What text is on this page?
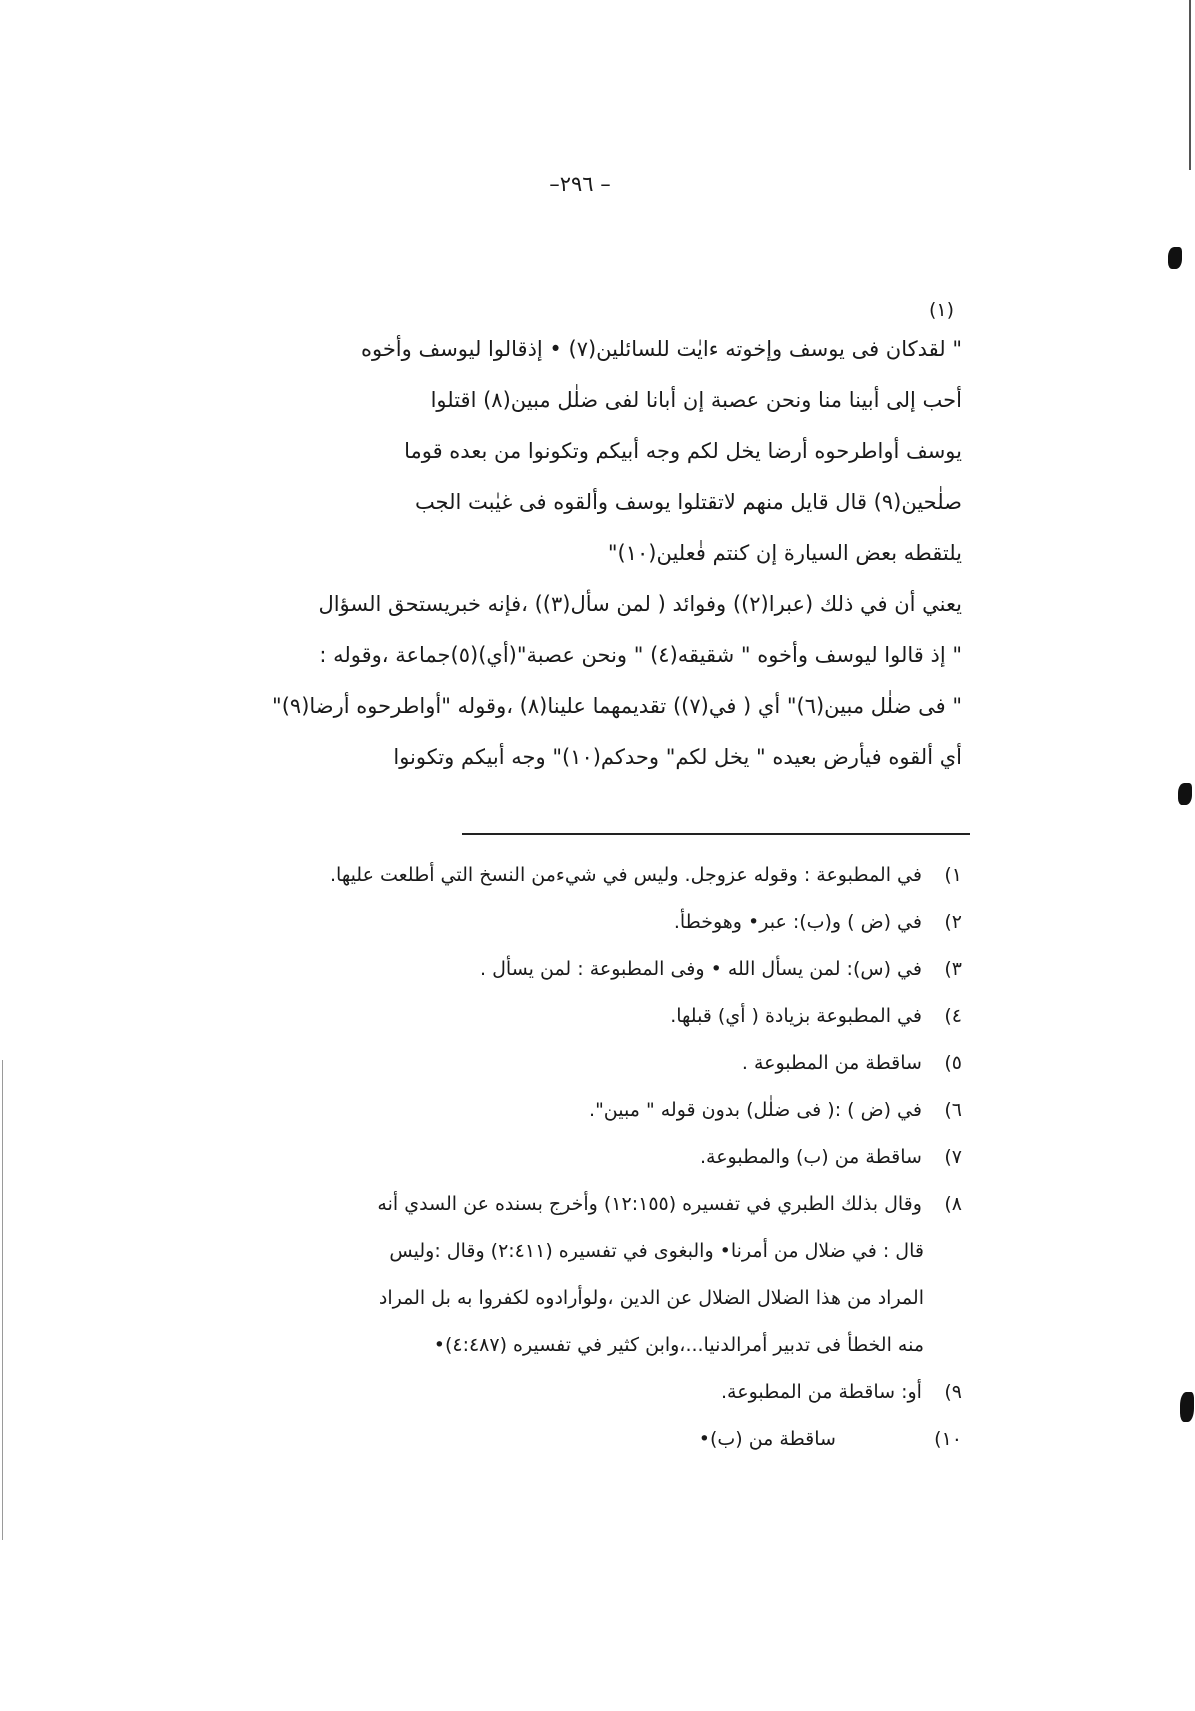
–٢٩٦ –
(١)
" لقدكان فى يوسف وإخوته ءايٰت للسائلين(٧) • إذقالوا ليوسف وأخوه
أحب إلى أبينا منا ونحن عصبة إن أبانا لفى ضلٰل مبين(٨) اقتلوا
يوسف أواطرحوه أرضا يخل لكم وجه أبيكم وتكونوا من بعده قوما
صلٰحين(٩) قال قايل منهم لاتقتلوا يوسف وألقوه فى غيٰبت الجب
يلتقطه بعض السيارة إن كنتم فٰعلين(١٠)"
يعني أن في ذلك (عبرا(٢)) وفوائد ( لمن سأل(٣)) ،فإنه خبريستحق السؤال
" إذ قالوا ليوسف وأخوه " شقيقه(٤) " ونحن عصبة"(أي)(٥)جماعة ،وقوله :
" فى ضلٰل مبين(٦)" أي ( في(٧)) تقديمهما علينا(٨) ،وقوله "أواطرحوه أرضا(٩)"
أي ألقوه فيأرض بعيده " يخل لكم" وحدكم(١٠)" وجه أبيكم وتكونوا
١) في المطبوعة : وقوله عزوجل. وليس في شيءمن النسخ التي أطلعت عليها.
٢) في (ض ) و(ب): عبر• وهوخطأ.
٣) في (س): لمن يسأل الله • وفى المطبوعة : لمن يسأل .
٤) في المطبوعة بزيادة ( أي) قبلها.
٥) ساقطة من المطبوعة .
٦) في (ض ) :( فى ضلٰل) بدون قوله " مبين".
٧) ساقطة من (ب) والمطبوعة.
٨) وقال بذلك الطبري في تفسيره (١٢:١٥٥) وأخرج بسنده عن السدي أنه
قال : في ضلال من أمرنا• والبغوى في تفسيره (٢:٤١١) وقال :وليس
المراد من هذا الضلال الضلال عن الدين ،ولوأرادوه لكفروا به بل المراد
منه الخطأ فى تدبير أمرالدنيا...،وابن كثير في تفسيره (٤:٤٨٧)•
٩) أو: ساقطة من المطبوعة.
١٠) ساقطة من (ب)•
